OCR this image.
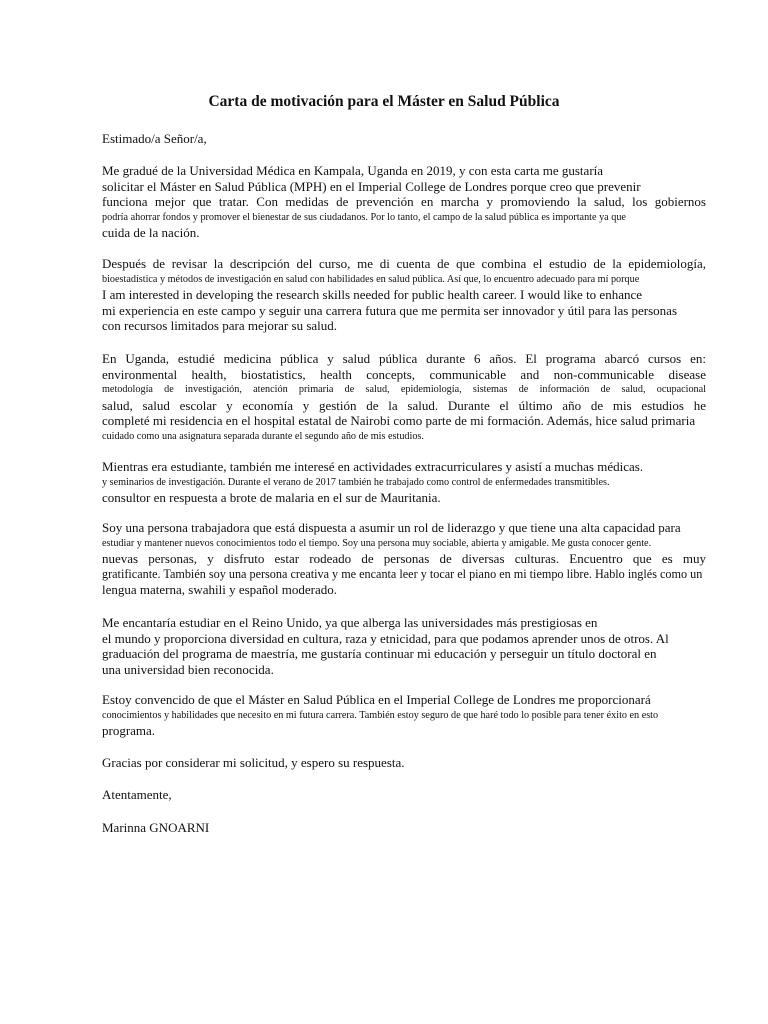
Carta de motivación para el Máster en Salud Pública
Estimado/a Señor/a,
Me gradué de la Universidad Médica en Kampala, Uganda en 2019, y con esta carta me gustaría
solicitar el Máster en Salud Pública (MPH) en el Imperial College de Londres porque creo que prevenir
funciona mejor que tratar. Con medidas de prevención en marcha y promoviendo la salud, los gobiernos
podría ahorrar fondos y promover el bienestar de sus ciudadanos. Por lo tanto, el campo de la salud pública es importante ya que
cuida de la nación.
Después de revisar la descripción del curso, me di cuenta de que combina el estudio de la epidemiología,
bioestadística y métodos de investigación en salud con habilidades en salud pública. Así que, lo encuentro adecuado para mí porque
I am interested in developing the research skills needed for public health career. I would like to enhance
mi experiencia en este campo y seguir una carrera futura que me permita ser innovador y útil para las personas
con recursos limitados para mejorar su salud.
En Uganda, estudié medicina pública y salud pública durante 6 años. El programa abarcó cursos en:
environmental health, biostatistics, health concepts, communicable and non-communicable disease
metodología de investigación, atención primaria de salud, epidemiología, sistemas de información de salud, ocupacional
salud, salud escolar y economía y gestión de la salud. Durante el último año de mis estudios he
completé mi residencia en el hospital estatal de Nairobi como parte de mi formación. Además, hice salud primaria
cuidado como una asignatura separada durante el segundo año de mis estudios.
Mientras era estudiante, también me interesé en actividades extracurriculares y asistí a muchas médicas.
y seminarios de investigación. Durante el verano de 2017 también he trabajado como control de enfermedades transmitibles.
consultor en respuesta a brote de malaria en el sur de Mauritania.
Soy una persona trabajadora que está dispuesta a asumir un rol de liderazgo y que tiene una alta capacidad para
estudiar y mantener nuevos conocimientos todo el tiempo. Soy una persona muy sociable, abierta y amigable. Me gusta conocer gente.
nuevas personas, y disfruto estar rodeado de personas de diversas culturas. Encuentro que es muy
gratificante. También soy una persona creativa y me encanta leer y tocar el piano en mi tiempo libre. Hablo inglés como un
lengua materna, swahili y español moderado.
Me encantaría estudiar en el Reino Unido, ya que alberga las universidades más prestigiosas en
el mundo y proporciona diversidad en cultura, raza y etnicidad, para que podamos aprender unos de otros. Al
graduación del programa de maestría, me gustaría continuar mi educación y perseguir un título doctoral en
una universidad bien reconocida.
Estoy convencido de que el Máster en Salud Pública en el Imperial College de Londres me proporcionará
conocimientos y habilidades que necesito en mi futura carrera. También estoy seguro de que haré todo lo posible para tener éxito en esto
programa.
Gracias por considerar mi solicitud, y espero su respuesta.
Atentamente,
Marinna GNOARNI
